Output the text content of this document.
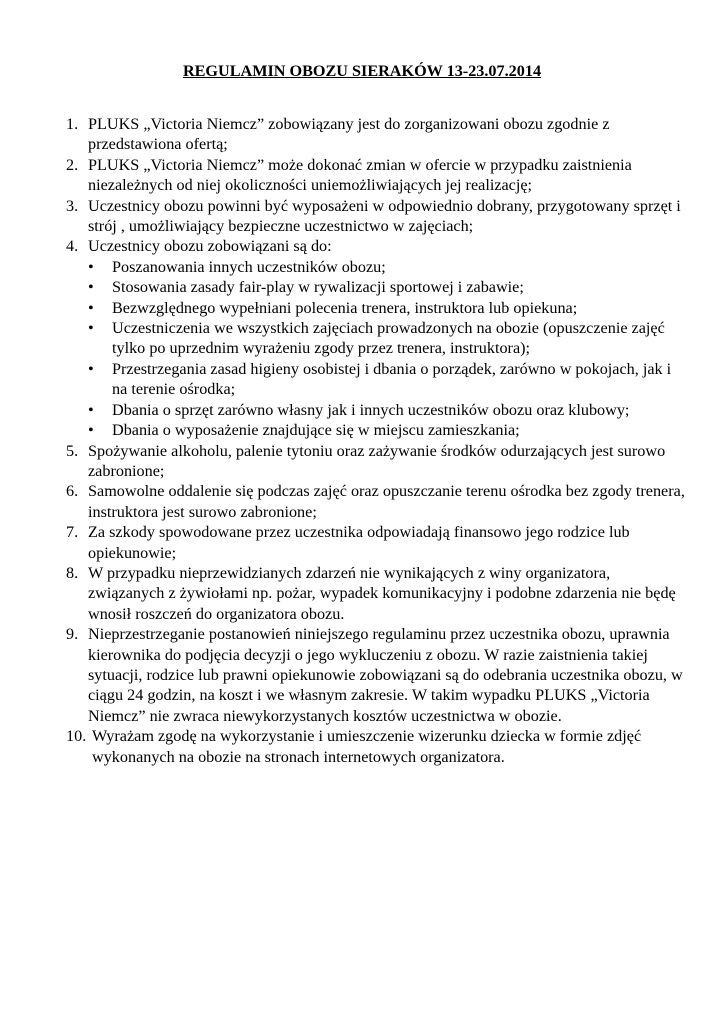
REGULAMIN OBOZU SIERAKÓW 13-23.07.2014
1. PLUKS „Victoria Niemcz” zobowiązany jest do zorganizowani obozu zgodnie z przedstawiona ofertą;
2. PLUKS „Victoria Niemcz” może dokonać zmian w ofercie w przypadku zaistnienia niezależnych od niej okoliczności uniemożliwiających jej realizację;
3. Uczestnicy obozu powinni być wyposażeni w odpowiednio dobrany, przygotowany sprzęt i strój , umożliwiający bezpieczne uczestnictwo w zajęciach;
4. Uczestnicy obozu zobowiązani są do:
•
Poszanowania innych uczestników obozu;
•
Stosowania zasady fair-play w rywalizacji sportowej i zabawie;
•
Bezwzględnego wypełniani polecenia trenera, instruktora lub opiekuna;
•
Uczestniczenia we wszystkich zajęciach prowadzonych na obozie (opuszczenie zajęć tylko po uprzednim wyrażeniu zgody przez trenera, instruktora);
•
Przestrzegania zasad higieny osobistej i dbania o porządek, zarówno w pokojach, jak i na terenie ośrodka;
•
Dbania o sprzęt zarówno własny jak i innych uczestników obozu oraz klubowy;
•
Dbania o wyposażenie znajdujące się w miejscu zamieszkania;
5. Spożywanie alkoholu, palenie tytoniu oraz zażywanie środków odurzających jest surowo zabronione;
6. Samowolne oddalenie się podczas zajęć oraz opuszczanie terenu ośrodka bez zgody trenera, instruktora jest surowo zabronione;
7. Za szkody spowodowane przez uczestnika odpowiadają finansowo jego rodzice lub opiekunowie;
8. W przypadku nieprzewidzianych zdarzeń nie wynikających z winy organizatora, związanych z żywiołami np. pożar, wypadek komunikacyjny i podobne zdarzenia nie będę wnosił roszczeń do organizatora obozu.
9. Nieprzestrzeganie postanowień niniejszego regulaminu przez uczestnika obozu, uprawnia kierownika do podjęcia decyzji o jego wykluczeniu z obozu. W razie zaistnienia takiej sytuacji, rodzice lub prawni opiekunowie zobowiązani są do odebrania uczestnika obozu, w ciągu 24 godzin, na koszt i we własnym zakresie. W takim wypadku PLUKS „Victoria Niemcz” nie zwraca niewykorzystanych kosztów uczestnictwa w obozie.
10. Wyrażam zgodę na wykorzystanie i umieszczenie wizerunku dziecka w formie zdjęć wykonanych na obozie na stronach internetowych organizatora.
